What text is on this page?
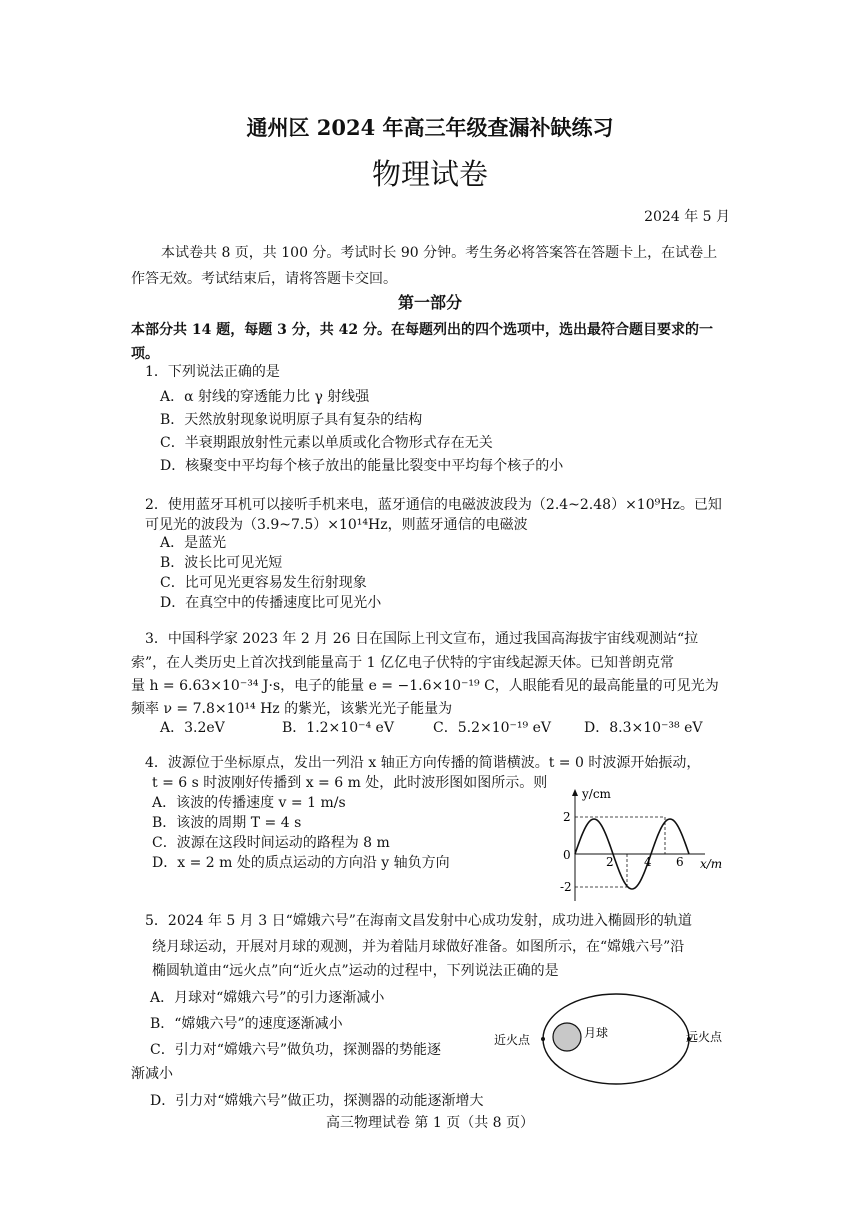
通州区 2024 年高三年级查漏补缺练习
物理试卷
2024 年 5 月
本试卷共 8 页，共 100 分。考试时长 90 分钟。考生务必将答案答在答题卡上，在试卷上作答无效。考试结束后，请将答题卡交回。
第一部分
本部分共 14 题，每题 3 分，共 42 分。在每题列出的四个选项中，选出最符合题目要求的一项。
1．下列说法正确的是
A．α 射线的穿透能力比 γ 射线强
B．天然放射现象说明原子具有复杂的结构
C．半衰期跟放射性元素以单质或化合物形式存在无关
D．核聚变中平均每个核子放出的能量比裂变中平均每个核子的小
2．使用蓝牙耳机可以接听手机来电，蓝牙通信的电磁波波段为（2.4~2.48）×10⁹Hz。已知
可见光的波段为（3.9~7.5）×10¹⁴Hz，则蓝牙通信的电磁波
A．是蓝光
B．波长比可见光短
C．比可见光更容易发生衍射现象
D．在真空中的传播速度比可见光小
3．中国科学家 2023 年 2 月 26 日在国际上刊文宣布，通过我国高海拔宇宙线观测站“拉
索”，在人类历史上首次找到能量高于 1 亿亿电子伏特的宇宙线起源天体。已知普朗克常
量 h = 6.63×10⁻³⁴ J·s，电子的能量 e = −1.6×10⁻¹⁹ C，人眼能看见的最高能量的可见光为
频率 ν = 7.8×10¹⁴ Hz 的紫光，该紫光光子能量为
A．3.2eV	B．1.2×10⁻⁴ eV	C．5.2×10⁻¹⁹ eV D．8.3×10⁻³⁸ eV
4．波源位于坐标原点，发出一列沿 x 轴正方向传播的简谐横波。t = 0 时波源开始振动，
t = 6 s 时波刚好传播到 x = 6 m 处，此时波形图如图所示。则
A．该波的传播速度 v = 1 m/s
B．该波的周期 T = 4 s
C．波源在这段时间运动的路程为 8 m
D．x = 2 m 处的质点运动的方向沿 y 轴负方向
y/cm
2
0
-2
2	4 6 x/m
5．2024 年 5 月 3 日“嫦娥六号”在海南文昌发射中心成功发射，成功进入椭圆形的轨道
绕月球运动，开展对月球的观测，并为着陆月球做好准备。如图所示，在“嫦娥六号”沿
椭圆轨道由“远火点”向“近火点”运动的过程中，下列说法正确的是
A．月球对“嫦娥六号”的引力逐渐减小
B．“嫦娥六号”的速度逐渐减小
C．引力对“嫦娥六号”做负功，探测器的势能逐
渐减小
D．引力对“嫦娥六号”做正功，探测器的动能逐渐增大
月球
近火点	远火点
高三物理试卷 第 1 页（共 8 页）
